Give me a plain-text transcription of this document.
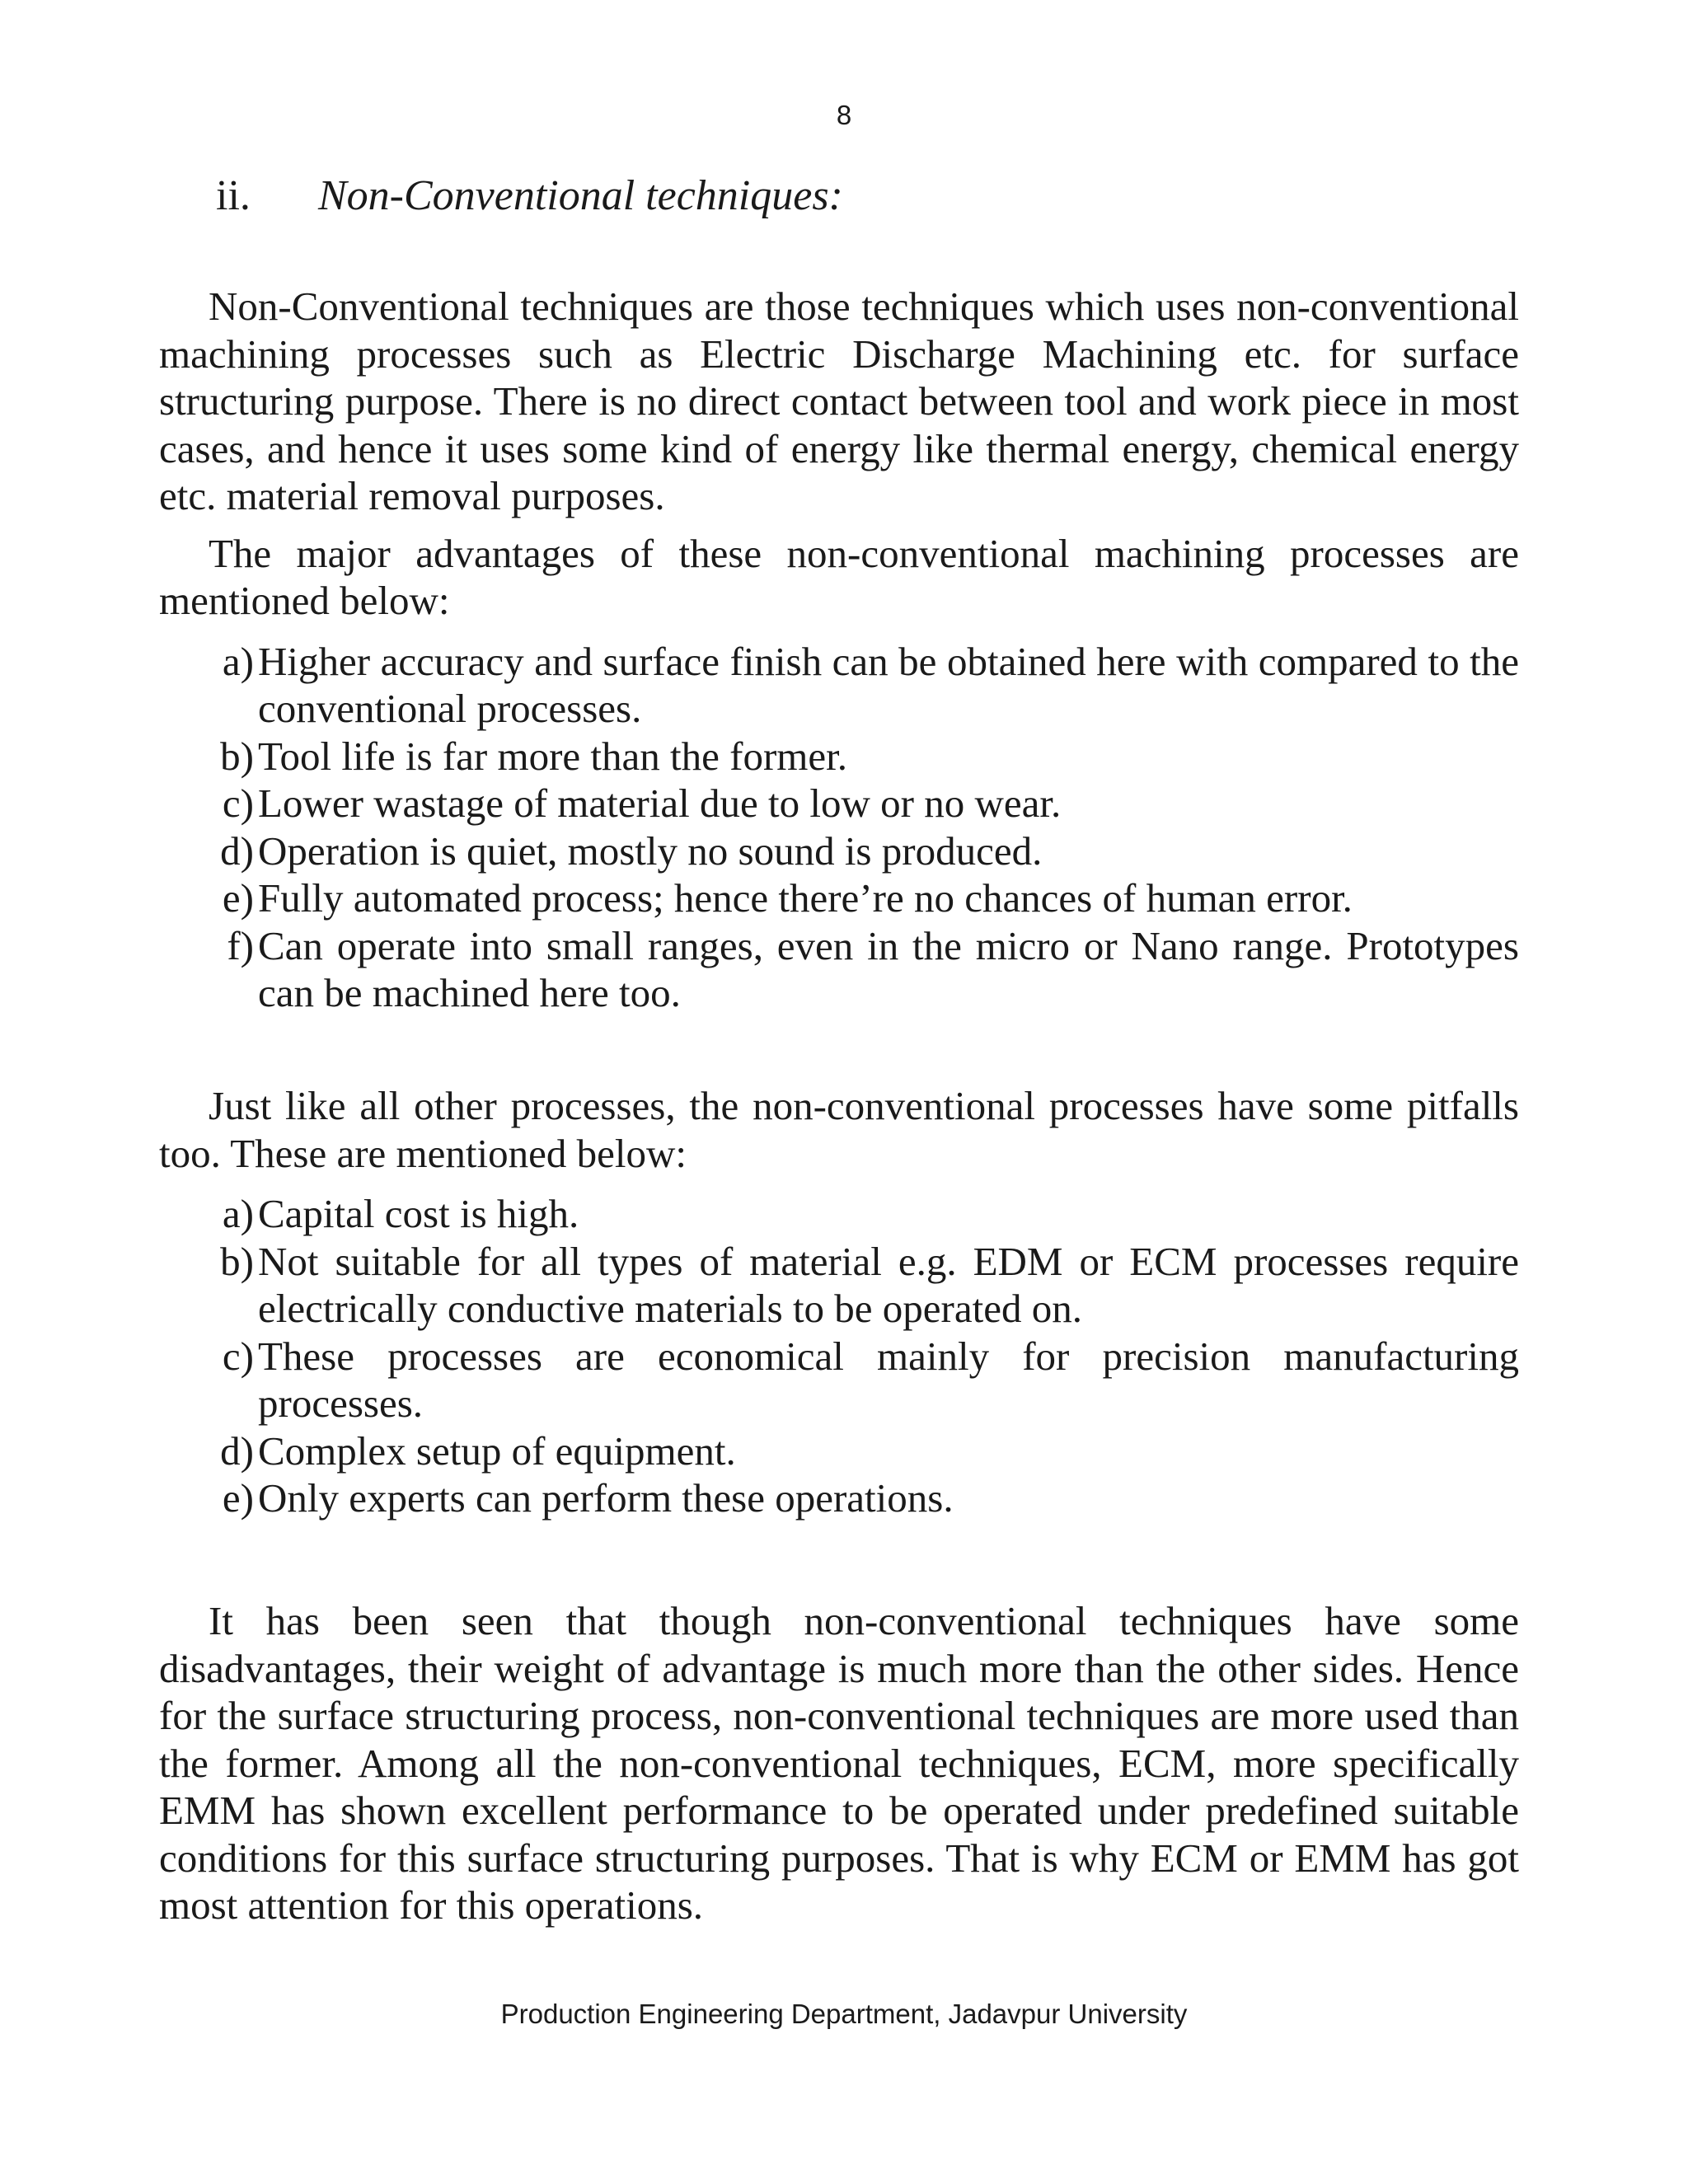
8
ii. Non-Conventional techniques:

Non-Conventional techniques are those techniques which uses non-conventional machining processes such as Electric Discharge Machining etc. for surface structuring purpose. There is no direct contact between tool and work piece in most cases, and hence it uses some kind of energy like thermal energy, chemical energy etc. material removal purposes.

The major advantages of these non-conventional machining processes are mentioned below:

a) Higher accuracy and surface finish can be obtained here with compared to the conventional processes.
b) Tool life is far more than the former.
c) Lower wastage of material due to low or no wear.
d) Operation is quiet, mostly no sound is produced.
e) Fully automated process; hence there’re no chances of human error.
f) Can operate into small ranges, even in the micro or Nano range. Prototypes can be machined here too.

Just like all other processes, the non-conventional processes have some pitfalls too. These are mentioned below:

a) Capital cost is high.
b) Not suitable for all types of material e.g. EDM or ECM processes require electrically conductive materials to be operated on.
c) These processes are economical mainly for precision manufacturing processes.
d) Complex setup of equipment.
e) Only experts can perform these operations.

It has been seen that though non-conventional techniques have some disadvantages, their weight of advantage is much more than the other sides. Hence for the surface structuring process, non-conventional techniques are more used than the former. Among all the non-conventional techniques, ECM, more specifically EMM has shown excellent performance to be operated under predefined suitable conditions for this surface structuring purposes. That is why ECM or EMM has got most attention for this operations.

Production Engineering Department, Jadavpur University
